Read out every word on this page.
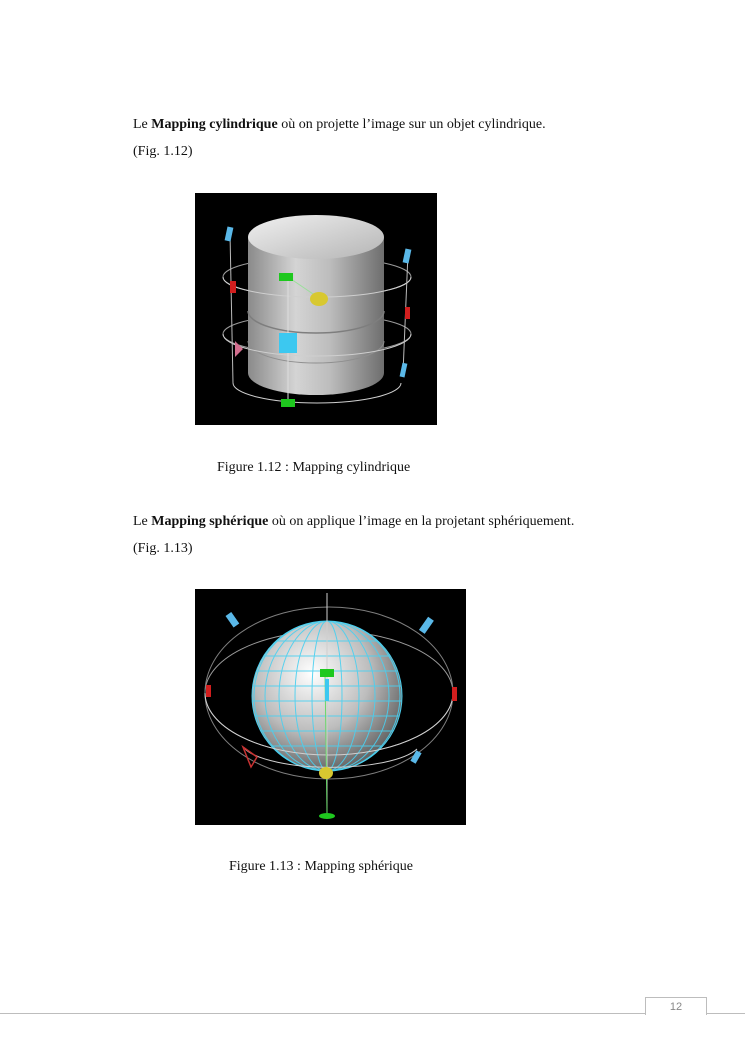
Le Mapping cylindrique où on projette l’image sur un objet cylindrique.
(Fig. 1.12)
Figure 1.12 : Mapping cylindrique
Le Mapping sphérique où on applique l’image en la projetant sphériquement.
(Fig. 1.13)
Figure 1.13 : Mapping sphérique
12
